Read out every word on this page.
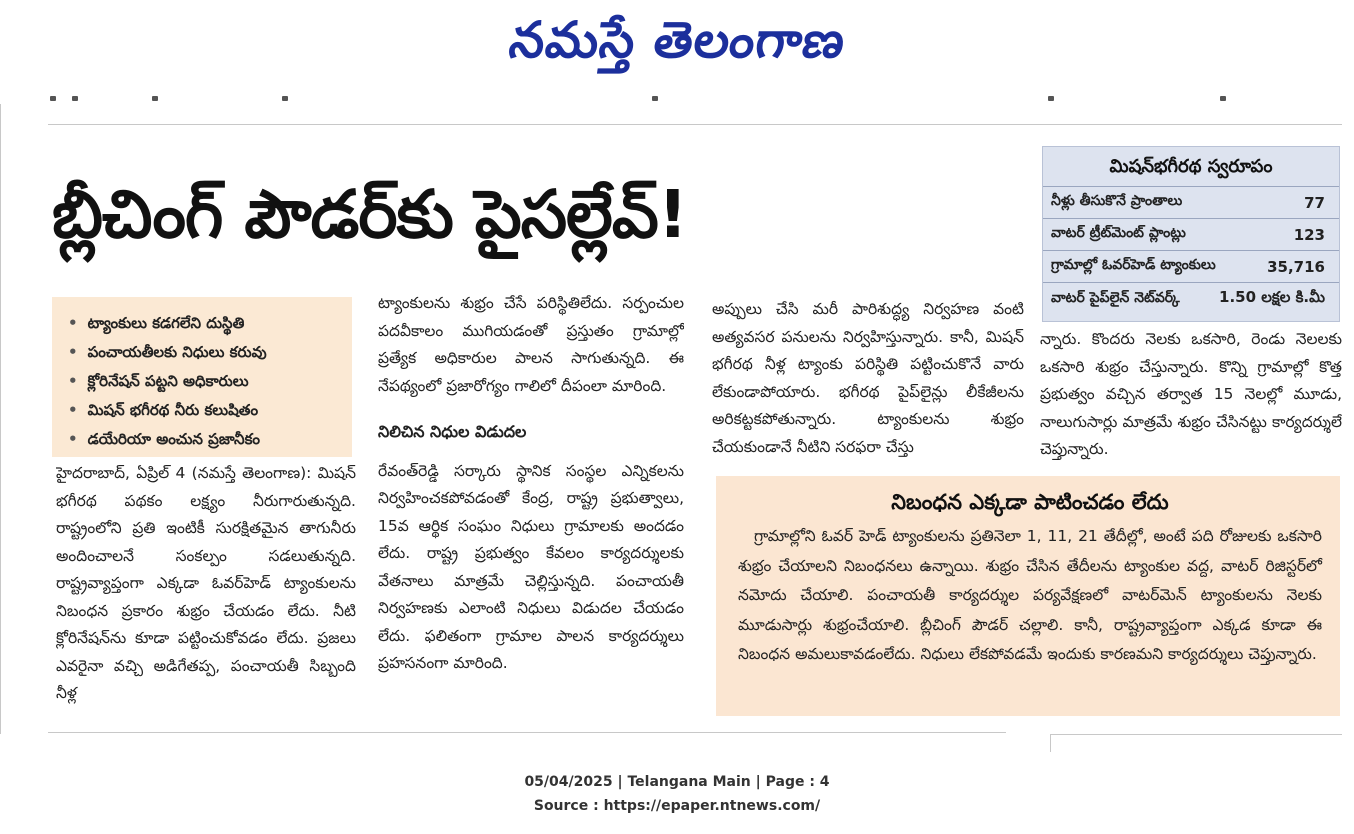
నమస్తే తెలంగాణ
బ్లీచింగ్ పౌడర్‌కు పైసల్లేవ్!
మిషన్‌భగీరథ స్వరూపం
నీళ్లు తీసుకొనే ప్రాంతాలు	77
వాటర్ ట్రీట్‌మెంట్ ప్లాంట్లు	123
గ్రామాల్లో ఓవర్‌హెడ్ ట్యాంకులు	35,716
వాటర్ పైప్‌లైన్ నెట్‌వర్క్	1.50 లక్షల కి.మీ
• ట్యాంకులు కడగలేని దుస్థితి
• పంచాయతీలకు నిధులు కరువు
• క్లోరినేషన్ పట్టని అధికారులు
• మిషన్ భగీరథ నీరు కలుషితం
• డయేరియా అంచున ప్రజానీకం

హైదరాబాద్, ఏప్రిల్ 4 (నమస్తే తెలంగాణ): మిషన్ భగీరథ పథకం లక్ష్యం నీరుగారుతున్నది. రాష్ట్రంలోని ప్రతి ఇంటికీ సురక్షితమైన తాగునీరు అందించాలనే సంకల్పం సడలుతున్నది. రాష్ట్రవ్యాప్తంగా ఎక్కడా ఓవర్‌హెడ్ ట్యాంకులను నిబంధన ప్రకారం శుభ్రం చేయడం లేదు. నీటి క్లోరినేషన్‌ను కూడా పట్టించుకోవడం లేదు. ప్రజలు ఎవరైనా వచ్చి అడిగేతప్ప, పంచాయతీ సిబ్బంది నీళ్ల

ట్యాంకులను శుభ్రం చేసే పరిస్థితిలేదు. సర్పంచుల పదవీకాలం ముగియడంతో ప్రస్తుతం గ్రామాల్లో ప్రత్యేక అధికారుల పాలన సాగుతున్నది. ఈ నేపథ్యంలో ప్రజారోగ్యం గాలిలో దీపంలా మారింది.

నిలిచిన నిధుల విడుదల

రేవంత్‌రెడ్డి సర్కారు స్థానిక సంస్థల ఎన్నికలను నిర్వహించకపోవడంతో కేంద్ర, రాష్ట్ర ప్రభుత్వాలు, 15వ ఆర్థిక సంఘం నిధులు గ్రామాలకు అందడం లేదు. రాష్ట్ర ప్రభుత్వం కేవలం కార్యదర్శులకు వేతనాలు మాత్రమే చెల్లిస్తున్నది. పంచాయతీ నిర్వహణకు ఎలాంటి నిధులు విడుదల చేయడం లేదు. ఫలితంగా గ్రామాల పాలన కార్యదర్శులు ప్రహసనంగా మారింది.

అప్పులు చేసి మరీ పారిశుద్ధ్య నిర్వహణ వంటి అత్యవసర పనులను నిర్వహిస్తున్నారు. కానీ, మిషన్ భగీరథ నీళ్ల ట్యాంకు పరిస్థితి పట్టించుకొనే వారు లేకుండాపోయారు. భగీరథ పైప్‌లైన్లు లీకేజీలను అరికట్టకపోతున్నారు. ట్యాంకులను శుభ్రం చేయకుండానే నీటిని సరఫరా చేస్తు

న్నారు. కొందరు నెలకు ఒకసారి, రెండు నెలలకు ఒకసారి శుభ్రం చేస్తున్నారు. కొన్ని గ్రామాల్లో కొత్త ప్రభుత్వం వచ్చిన తర్వాత 15 నెలల్లో మూడు, నాలుగుసార్లు మాత్రమే శుభ్రం చేసినట్టు కార్యదర్శులే చెప్తున్నారు.

నిబంధన ఎక్కడా పాటించడం లేదు

గ్రామాల్లోని ఓవర్ హెడ్ ట్యాంకులను ప్రతినెలా 1, 11, 21 తేదీల్లో, అంటే పది రోజులకు ఒకసారి శుభ్రం చేయాలని నిబంధనలు ఉన్నాయి. శుభ్రం చేసిన తేదీలను ట్యాంకుల వద్ద, వాటర్ రిజిస్టర్‌లో నమోదు చేయాలి. పంచాయతీ కార్యదర్శుల పర్యవేక్షణలో వాటర్‌మెన్ ట్యాంకులను నెలకు మూడుసార్లు శుభ్రంచేయాలి. బ్లీచింగ్ పౌడర్ చల్లాలి. కానీ, రాష్ట్రవ్యాప్తంగా ఎక్కడ కూడా ఈ నిబంధన అమలుకావడంలేదు. నిధులు లేకపోవడమే ఇందుకు కారణమని కార్యదర్శులు చెప్తున్నారు.

05/04/2025 | Telangana Main | Page : 4
Source : https://epaper.ntnews.com/
